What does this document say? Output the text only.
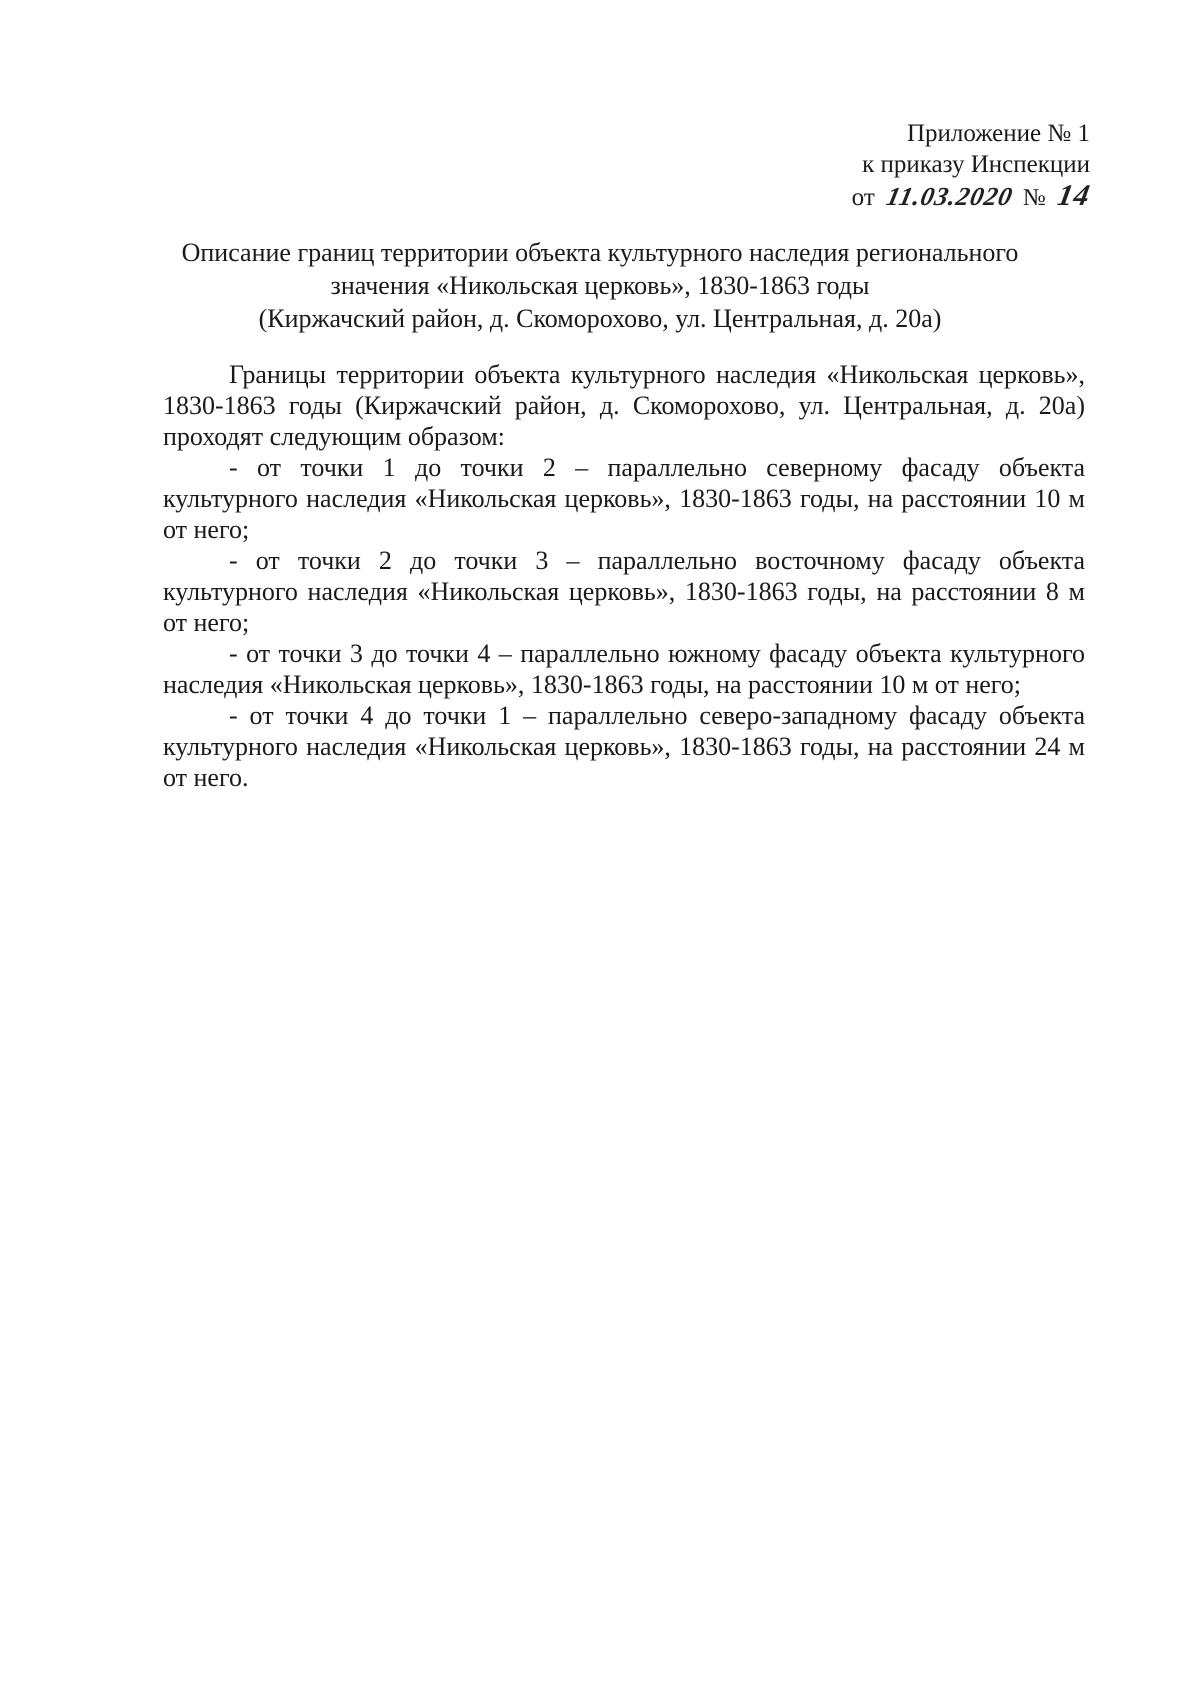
Приложение № 1
к приказу Инспекции
от 11.03.2020 № 14
Описание границ территории объекта культурного наследия регионального
значения «Никольская церковь», 1830-1863 годы
(Киржачский район, д. Скоморохово, ул. Центральная, д. 20а)

Границы территории объекта культурного наследия «Никольская церковь», 1830-1863 годы (Киржачский район, д. Скоморохово, ул. Центральная, д. 20а) проходят следующим образом:

- от точки 1 до точки 2 – параллельно северному фасаду объекта культурного наследия «Никольская церковь», 1830-1863 годы, на расстоянии 10 м от него;

- от точки 2 до точки 3 – параллельно восточному фасаду объекта культурного наследия «Никольская церковь», 1830-1863 годы, на расстоянии 8 м от него;

- от точки 3 до точки 4 – параллельно южному фасаду объекта культурного наследия «Никольская церковь», 1830-1863 годы, на расстоянии 10 м от него;

- от точки 4 до точки 1 – параллельно северо-западному фасаду объекта культурного наследия «Никольская церковь», 1830-1863 годы, на расстоянии 24 м от него.
